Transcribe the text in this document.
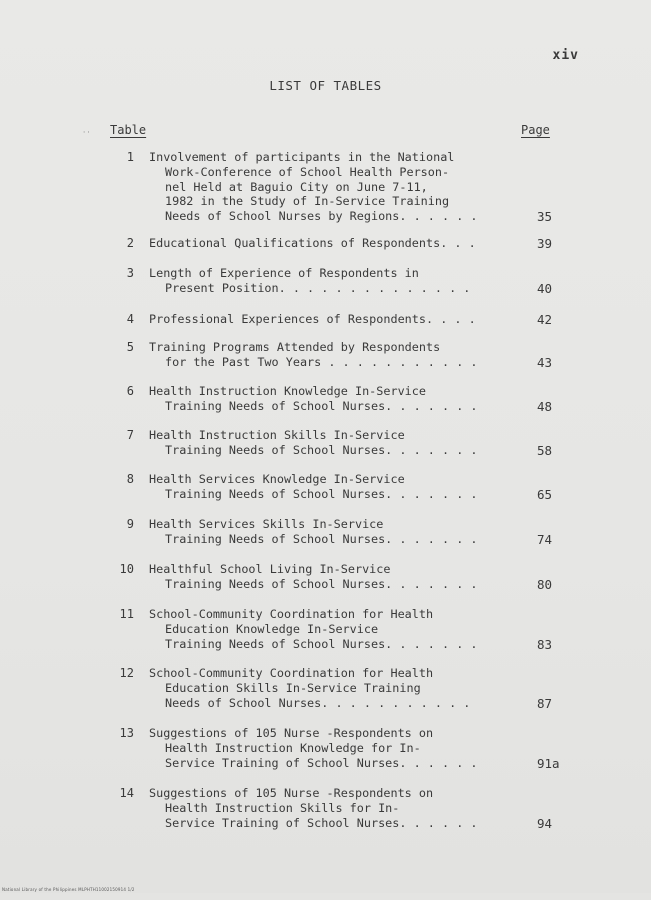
xiv
LIST OF TABLES
'' Table	Page
1 Involvement of participants in the National
Work-Conference of School Health Person-
nel Held at Baguio City on June 7-11,
1982 in the Study of In-Service Training
Needs of School Nurses by Regions. . . . . .	35
2 Educational Qualifications of Respondents. . .	39
3 Length of Experience of Respondents in
Present Position. . . . . . . . . . . . . .	40
4 Professional Experiences of Respondents. . . .	42
5 Training Programs Attended by Respondents
for the Past Two Years . . . . . . . . . . .	43
6 Health Instruction Knowledge In-Service
Training Needs of School Nurses. . . . . . .	48
7 Health Instruction Skills In-Service
Training Needs of School Nurses. . . . . . .	58
8 Health Services Knowledge In-Service
Training Needs of School Nurses. . . . . . .	65
9 Health Services Skills In-Service
Training Needs of School Nurses. . . . . . .	74
10 Healthful School Living In-Service
Training Needs of School Nurses. . . . . . .	80
11 School-Community Coordination for Health
Education Knowledge In-Service
Training Needs of School Nurses. . . . . . .	83
12 School-Community Coordination for Health
Education Skills In-Service Training
Needs of School Nurses. . . . . . . . . . .	87
13 Suggestions of 105 Nurse -Respondents on
Health Instruction Knowledge for In-
Service Training of School Nurses. . . . . .	91a
14 Suggestions of 105 Nurse -Respondents on
Health Instruction Skills for In-
Service Training of School Nurses. . . . . .	94
National Library of the Philippines MLPHTH11002150914 1/2
